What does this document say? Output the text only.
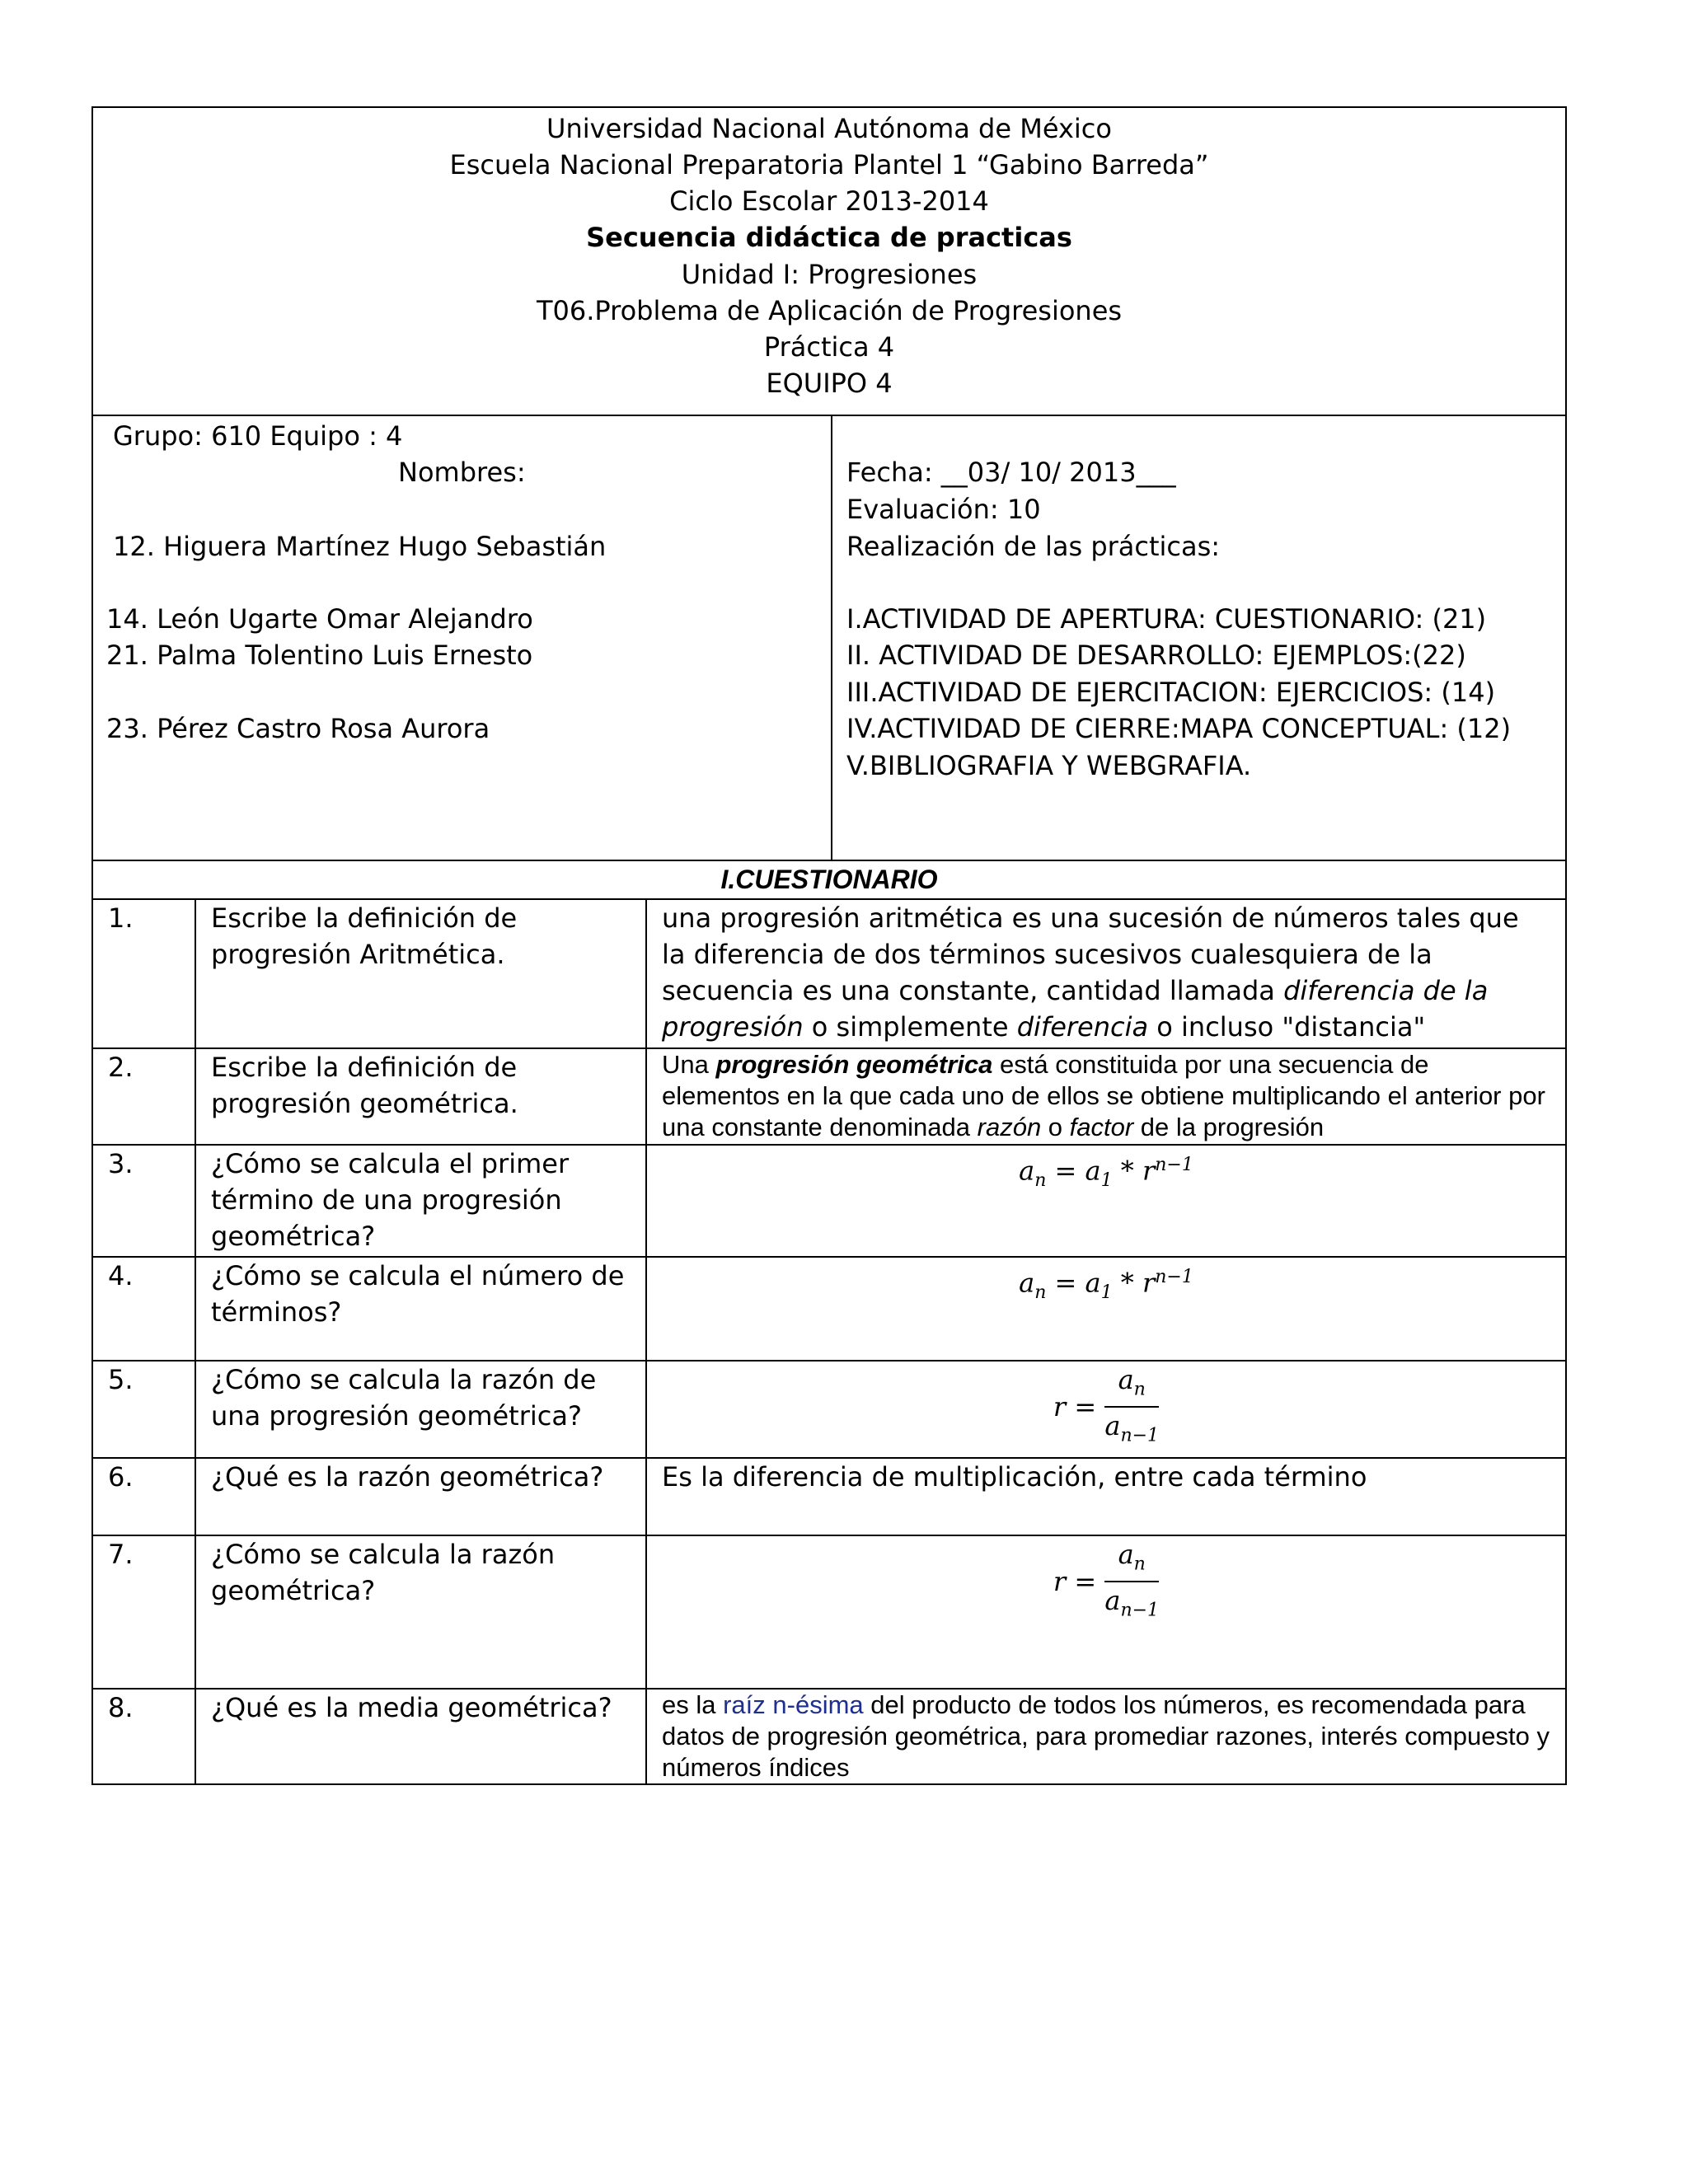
Universidad Nacional Autónoma de México
Escuela Nacional Preparatoria Plantel 1 “Gabino Barreda”
Ciclo Escolar 2013-2014
Secuencia didáctica de practicas
Unidad I: Progresiones
T06.Problema de Aplicación de Progresiones
Práctica 4
EQUIPO 4
Grupo: 610 Equipo : 4
Nombres:
12. Higuera Martínez Hugo Sebastián
14. León Ugarte Omar Alejandro
21. Palma Tolentino Luis Ernesto
23. Pérez Castro Rosa Aurora
Fecha: __03/ 10/ 2013___
Evaluación: 10
Realización de las prácticas:
I.ACTIVIDAD DE APERTURA: CUESTIONARIO: (21)
II. ACTIVIDAD DE DESARROLLO: EJEMPLOS:(22)
III.ACTIVIDAD DE EJERCITACION: EJERCICIOS: (14)
IV.ACTIVIDAD DE CIERRE:MAPA CONCEPTUAL: (12)
V.BIBLIOGRAFIA Y WEBGRAFIA.
I.CUESTIONARIO
1.	Escribe la definición de progresión Aritmética.	una progresión aritmética es una sucesión de números tales que la diferencia de dos términos sucesivos cualesquiera de la secuencia es una constante, cantidad llamada diferencia de la progresión o simplemente diferencia o incluso "distancia"

2.	Escribe la definición de progresión geométrica.	Una progresión geométrica está constituida por una secuencia de elementos en la que cada uno de ellos se obtiene multiplicando el anterior por una constante denominada razón o factor de la progresión

3.	¿Cómo se calcula el primer término de una progresión geométrica?	$a_n = a_1 * r^{n-1}$

4.	¿Cómo se calcula el número de términos?	$a_n = a_1 * r^{n-1}$

5.	¿Cómo se calcula la razón de una progresión geométrica?	$r = \frac{a_n}{a_{n-1}}$

6.	¿Qué es la razón geométrica?	Es la diferencia de multiplicación, entre cada término

7.	¿Cómo se calcula la razón geométrica?	$r = \frac{a_n}{a_{n-1}}$

8.	¿Qué es la media geométrica?	es la raíz n-ésima del producto de todos los números, es recomendada para datos de progresión geométrica, para promediar razones, interés compuesto y números índices
